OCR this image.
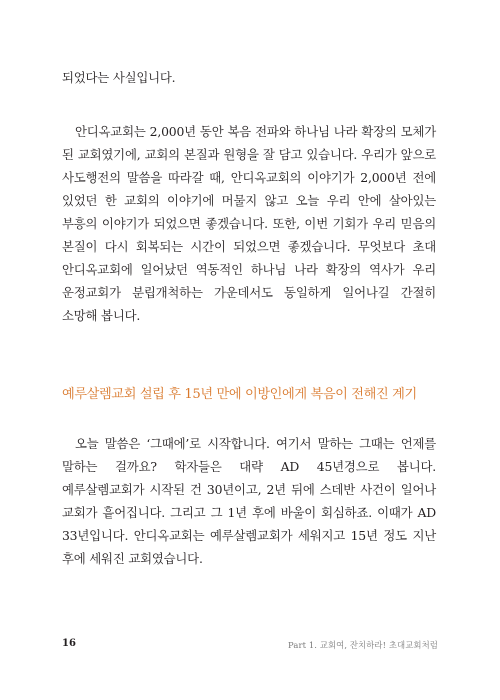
되었다는 사실입니다.

안디옥교회는 2,000년 동안 복음 전파와 하나님 나라 확장의 모체가 된 교회였기에, 교회의 본질과 원형을 잘 담고 있습니다. 우리가 앞으로 사도행전의 말씀을 따라갈 때, 안디옥교회의 이야기가 2,000년 전에 있었던 한 교회의 이야기에 머물지 않고 오늘 우리 안에 살아있는 부흥의 이야기가 되었으면 좋겠습니다. 또한, 이번 기회가 우리 믿음의 본질이 다시 회복되는 시간이 되었으면 좋겠습니다. 무엇보다 초대 안디옥교회에 일어났던 역동적인 하나님 나라 확장의 역사가 우리 운정교회가 분립개척하는 가운데서도 동일하게 일어나길 간절히 소망해 봅니다.

예루살렘교회 설립 후 15년 만에 이방인에게 복음이 전해진 계기

오늘 말씀은 ‘그때에’로 시작합니다. 여기서 말하는 그때는 언제를 말하는 걸까요? 학자들은 대략 AD 45년경으로 봅니다. 예루살렘교회가 시작된 건 30년이고, 2년 뒤에 스데반 사건이 일어나 교회가 흩어집니다. 그리고 그 1년 후에 바울이 회심하죠. 이때가 AD 33년입니다. 안디옥교회는 예루살렘교회가 세워지고 15년 정도 지난 후에 세워진 교회였습니다.

16	Part 1. 교회여, 잔치하라! 초대교회처럼
